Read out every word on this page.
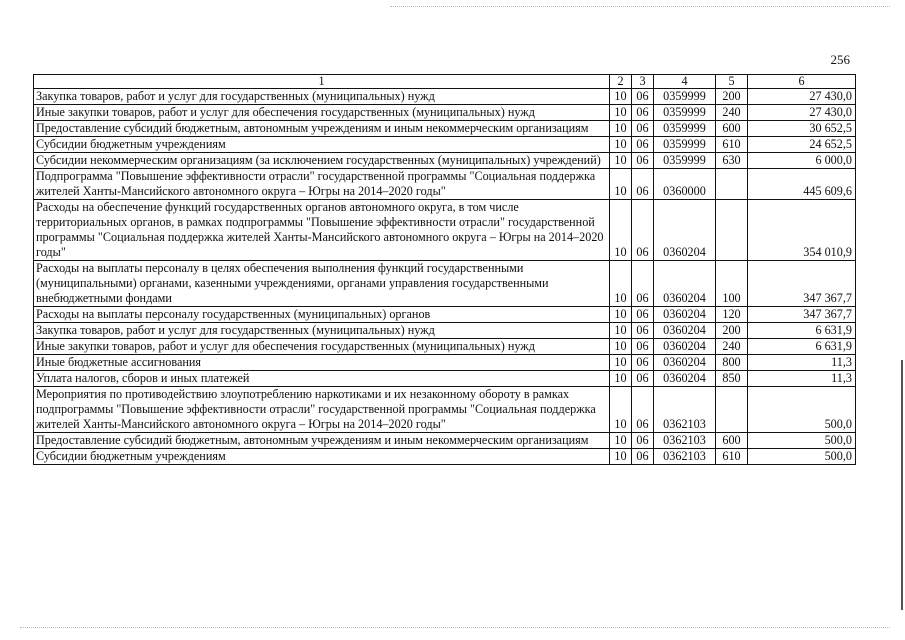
256
1	2	3	4	5	6
Закупка товаров, работ и услуг для государственных (муниципальных) нужд	10	06	0359999	200	27 430,0
Иные закупки товаров, работ и услуг для обеспечения государственных (муниципальных) нужд	10	06	0359999	240	27 430,0
Предоставление субсидий бюджетным, автономным учреждениям и иным некоммерческим организациям	10	06	0359999	600	30 652,5
Субсидии бюджетным учреждениям	10	06	0359999	610	24 652,5
Субсидии некоммерческим организациям (за исключением государственных (муниципальных) учреждений)	10	06	0359999	630	6 000,0
Подпрограмма "Повышение эффективности отрасли" государственной программы "Социальная поддержка жителей Ханты-Мансийского автономного округа – Югры на 2014–2020 годы"	10	06	0360000		445 609,6
Расходы на обеспечение функций государственных органов автономного округа, в том числе территориальных органов, в рамках подпрограммы "Повышение эффективности отрасли" государственной программы "Социальная поддержка жителей Ханты-Мансийского автономного округа – Югры на 2014–2020 годы"	10	06	0360204		354 010,9
Расходы на выплаты персоналу в целях обеспечения выполнения функций государственными (муниципальными) органами, казенными учреждениями, органами управления государственными внебюджетными фондами	10	06	0360204	100	347 367,7
Расходы на выплаты персоналу государственных (муниципальных) органов	10	06	0360204	120	347 367,7
Закупка товаров, работ и услуг для государственных (муниципальных) нужд	10	06	0360204	200	6 631,9
Иные закупки товаров, работ и услуг для обеспечения государственных (муниципальных) нужд	10	06	0360204	240	6 631,9
Иные бюджетные ассигнования	10	06	0360204	800	11,3
Уплата налогов, сборов и иных платежей	10	06	0360204	850	11,3
Мероприятия по противодействию злоупотреблению наркотиками и их незаконному обороту в рамках подпрограммы "Повышение эффективности отрасли" государственной программы "Социальная поддержка жителей Ханты-Мансийского автономного округа – Югры на 2014–2020 годы"	10	06	0362103		500,0
Предоставление субсидий бюджетным, автономным учреждениям и иным некоммерческим организациям	10	06	0362103	600	500,0
Субсидии бюджетным учреждениям	10	06	0362103	610	500,0
